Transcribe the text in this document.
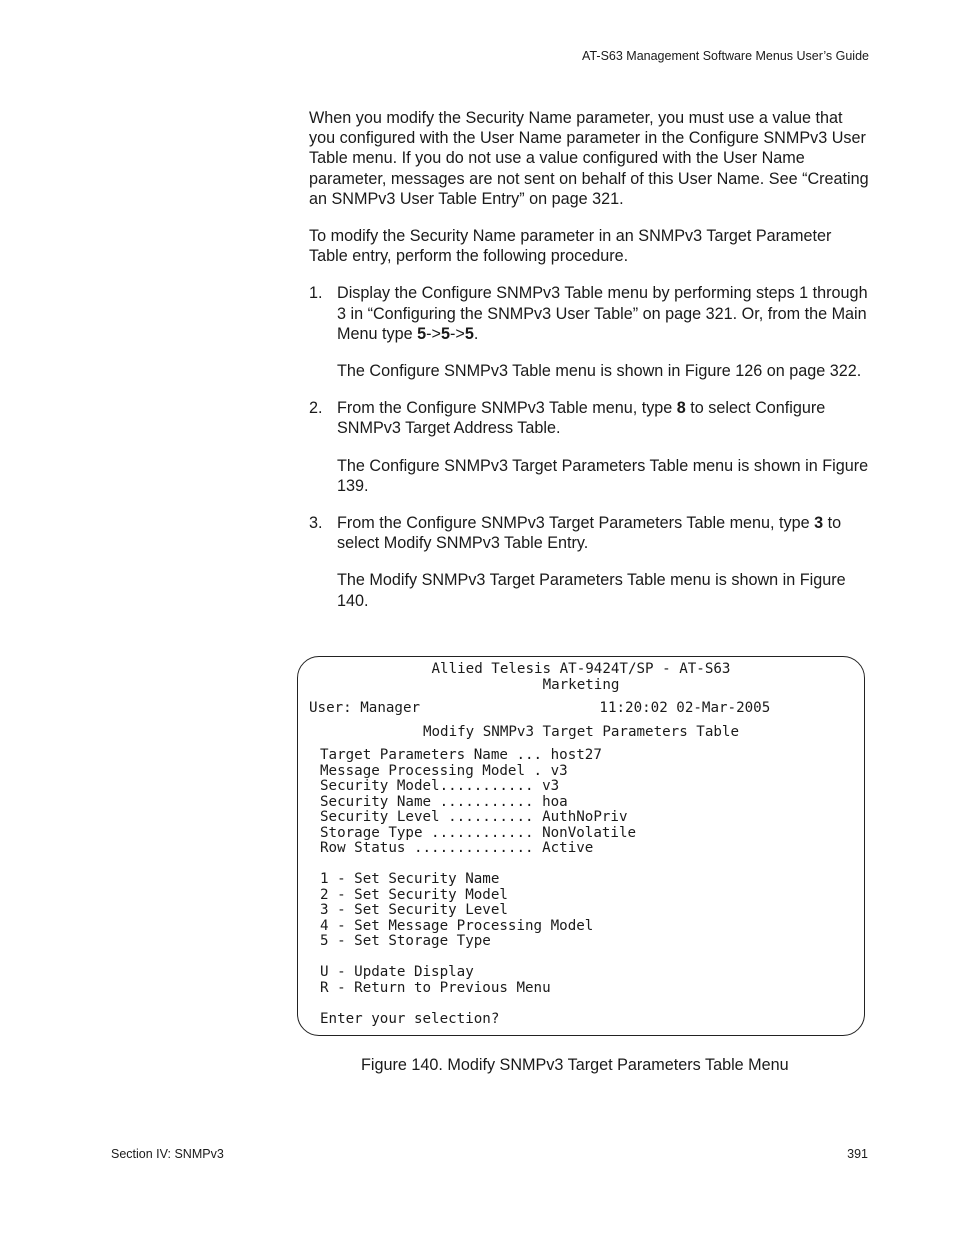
AT-S63 Management Software Menus User’s Guide

When you modify the Security Name parameter, you must use a value that you configured with the User Name parameter in the Configure SNMPv3 User Table menu. If you do not use a value configured with the User Name parameter, messages are not sent on behalf of this User Name. See “Creating an SNMPv3 User Table Entry” on page 321.

To modify the Security Name parameter in an SNMPv3 Target Parameter Table entry, perform the following procedure.

1. Display the Configure SNMPv3 Table menu by performing steps 1 through 3 in “Configuring the SNMPv3 User Table” on page 321. Or, from the Main Menu type 5->5->5.

The Configure SNMPv3 Table menu is shown in Figure 126 on page 322.

2. From the Configure SNMPv3 Table menu, type 8 to select Configure SNMPv3 Target Address Table.

The Configure SNMPv3 Target Parameters Table menu is shown in Figure 139.

3. From the Configure SNMPv3 Target Parameters Table menu, type 3 to select Modify SNMPv3 Table Entry.

The Modify SNMPv3 Target Parameters Table menu is shown in Figure 140.

Allied Telesis AT-9424T/SP - AT-S63
Marketing
User: Manager                     11:20:02 02-Mar-2005
Modify SNMPv3 Target Parameters Table
Target Parameters Name ... host27
Message Processing Model . v3
Security Model........... v3
Security Name ........... hoa
Security Level .......... AuthNoPriv
Storage Type ............ NonVolatile
Row Status .............. Active
1 - Set Security Name
2 - Set Security Model
3 - Set Security Level
4 - Set Message Processing Model
5 - Set Storage Type
U - Update Display
R - Return to Previous Menu
Enter your selection?
Figure 140. Modify SNMPv3 Target Parameters Table Menu
Section IV: SNMPv3	391
